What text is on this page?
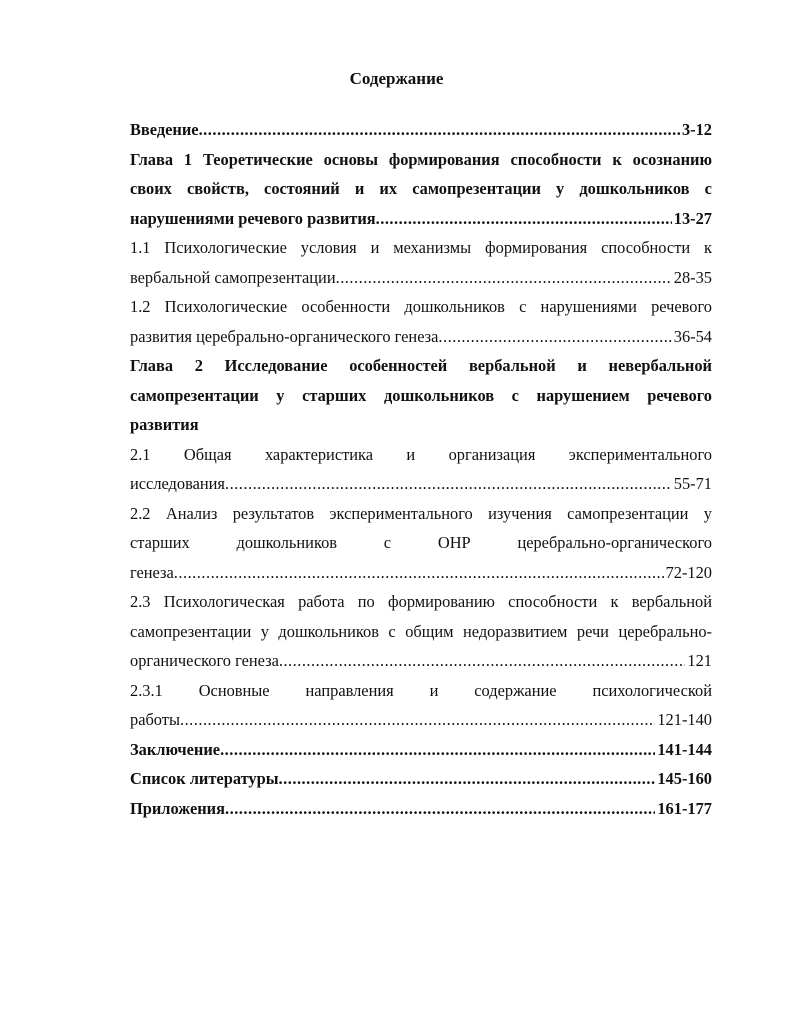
Содержание
Введение .....	3-12
Глава 1 Теоретические основы формирования способности к осознанию
своих свойств, состояний и их самопрезентации у дошкольников с
нарушениями речевого развития .....	13-27
1.1 Психологические условия и механизмы формирования способности к
вербальной самопрезентации .....	28-35
1.2 Психологические особенности дошкольников с нарушениями речевого
развития церебрально-органического генеза .....	36-54
Глава 2 Исследование особенностей вербальной и невербальной
самопрезентации у старших дошкольников с нарушением речевого
развития
2.1 Общая характеристика и организация экспериментального
исследования .....	55-71
2.2 Анализ результатов экспериментального изучения самопрезентации у
старших	дошкольников	с	ОНР	церебрально-органического
генеза .....	72-120
2.3 Психологическая работа по формированию способности к вербальной
самопрезентации у дошкольников с общим недоразвитием речи церебрально-
органического генеза .....	121
2.3.1 Основные направления и содержание психологической
работы .....	121-140
Заключение .....	141-144
Список литературы .....	145-160
Приложения .....	161-177
